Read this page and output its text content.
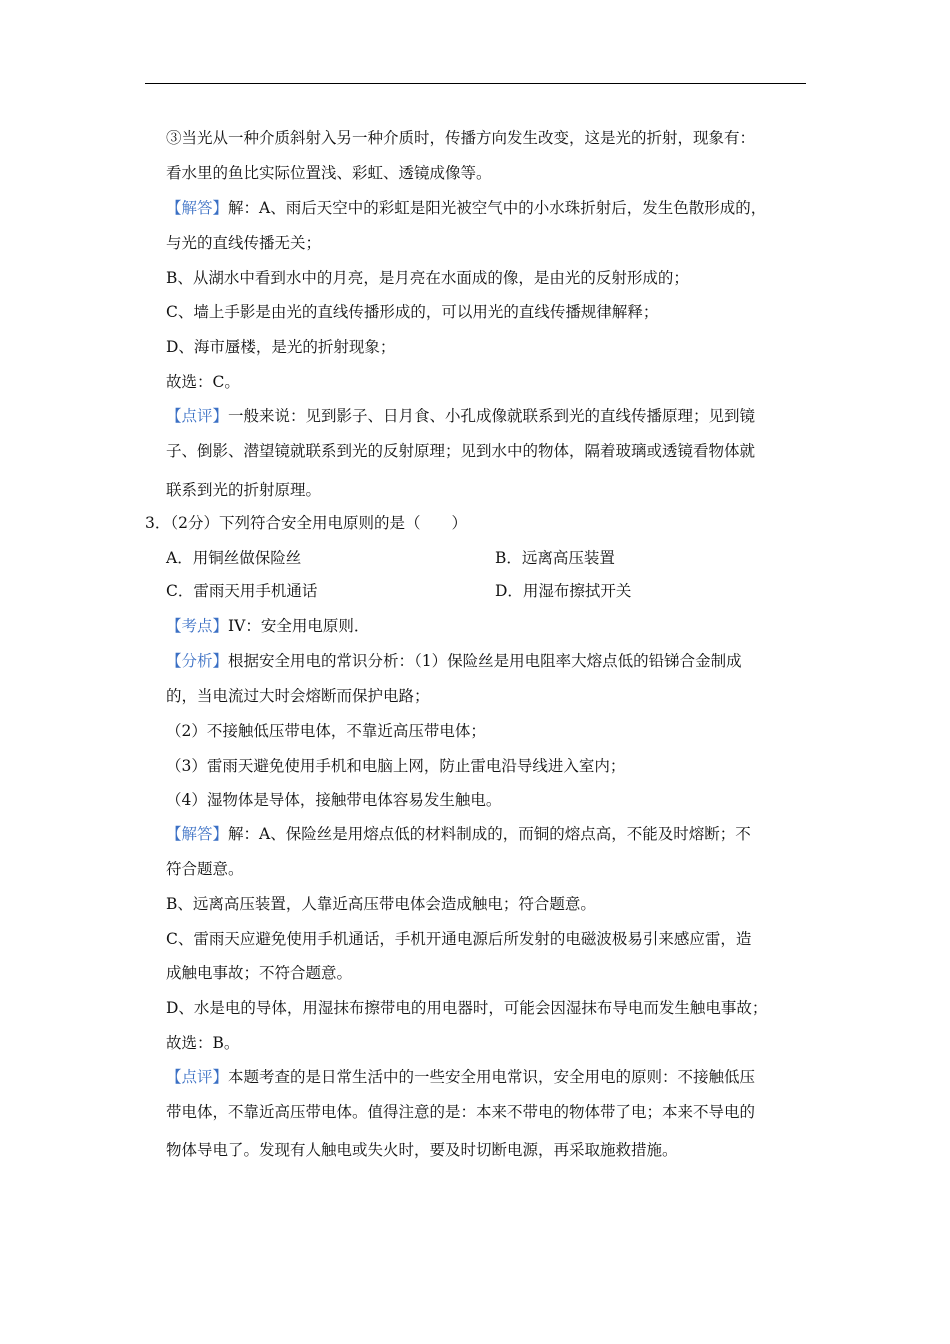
③当光从一种介质斜射入另一种介质时，传播方向发生改变，这是光的折射，现象有：
看水里的鱼比实际位置浅、彩虹、透镜成像等。
【解答】解：A、雨后天空中的彩虹是阳光被空气中的小水珠折射后，发生色散形成的，
与光的直线传播无关；
B、从湖水中看到水中的月亮，是月亮在水面成的像，是由光的反射形成的；
C、墙上手影是由光的直线传播形成的，可以用光的直线传播规律解释；
D、海市蜃楼，是光的折射现象；
故选：C。
【点评】一般来说：见到影子、日月食、小孔成像就联系到光的直线传播原理；见到镜
子、倒影、潜望镜就联系到光的反射原理；见到水中的物体，隔着玻璃或透镜看物体就
联系到光的折射原理。
3．（2分）下列符合安全用电原则的是（　　）
A．用铜丝做保险丝	B．远离高压装置
C．雷雨天用手机通话	D．用湿布擦拭开关
【考点】IV：安全用电原则．
【分析】根据安全用电的常识分析：（1）保险丝是用电阻率大熔点低的铅锑合金制成
的，当电流过大时会熔断而保护电路；
（2）不接触低压带电体，不靠近高压带电体；
（3）雷雨天避免使用手机和电脑上网，防止雷电沿导线进入室内；
（4）湿物体是导体，接触带电体容易发生触电。
【解答】解：A、保险丝是用熔点低的材料制成的，而铜的熔点高，不能及时熔断；不
符合题意。
B、远离高压装置，人靠近高压带电体会造成触电；符合题意。
C、雷雨天应避免使用手机通话，手机开通电源后所发射的电磁波极易引来感应雷，造
成触电事故；不符合题意。
D、水是电的导体，用湿抹布擦带电的用电器时，可能会因湿抹布导电而发生触电事故；
故选：B。
【点评】本题考查的是日常生活中的一些安全用电常识，安全用电的原则：不接触低压
带电体，不靠近高压带电体。值得注意的是：本来不带电的物体带了电；本来不导电的
物体导电了。发现有人触电或失火时，要及时切断电源，再采取施救措施。
